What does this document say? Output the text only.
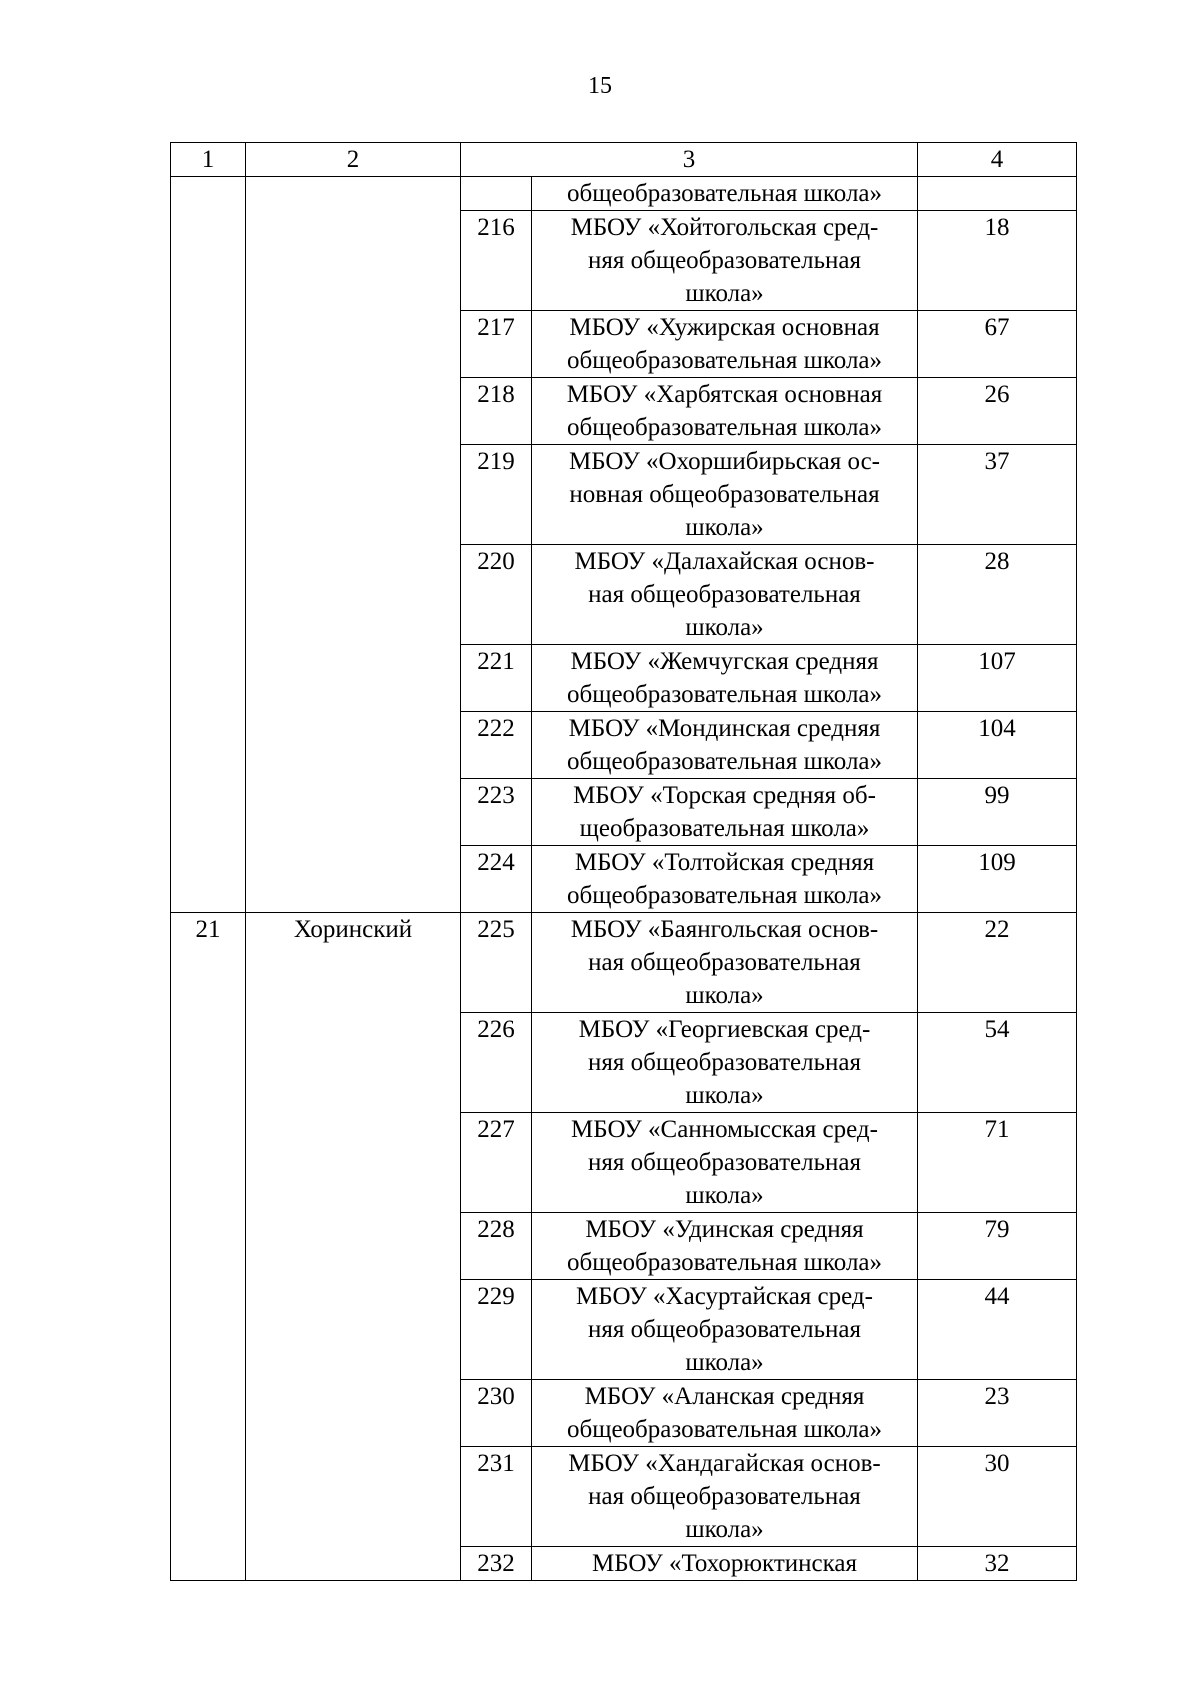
15
1	2	3		4
			общеобразовательная школа»	
		216	МБОУ «Хойтогольская сред-
няя общеобразовательная
школа»	18
		217	МБОУ «Хужирская основная
общеобразовательная школа»	67
		218	МБОУ «Харбятская основная
общеобразовательная школа»	26
		219	МБОУ «Охоршибирьская ос-
новная общеобразовательная
школа»	37
		220	МБОУ «Далахайская основ-
ная общеобразовательная
школа»	28
		221	МБОУ «Жемчугская средняя
общеобразовательная школа»	107
		222	МБОУ «Мондинская средняя
общеобразовательная школа»	104
		223	МБОУ «Торская средняя об-
щеобразовательная школа»	99
		224	МБОУ «Толтойская средняя
общеобразовательная школа»	109
21	Хоринский	225	МБОУ «Баянгольская основ-
ная общеобразовательная
школа»	22
		226	МБОУ «Георгиевская сред-
няя общеобразовательная
школа»	54
		227	МБОУ «Санномысская сред-
няя общеобразовательная
школа»	71
		228	МБОУ «Удинская средняя
общеобразовательная школа»	79
		229	МБОУ «Хасуртайская сред-
няя общеобразовательная
школа»	44
		230	МБОУ «Аланская средняя
общеобразовательная школа»	23
		231	МБОУ «Хандагайская основ-
ная общеобразовательная
школа»	30
		232	МБОУ «Тохорюктинская	32
